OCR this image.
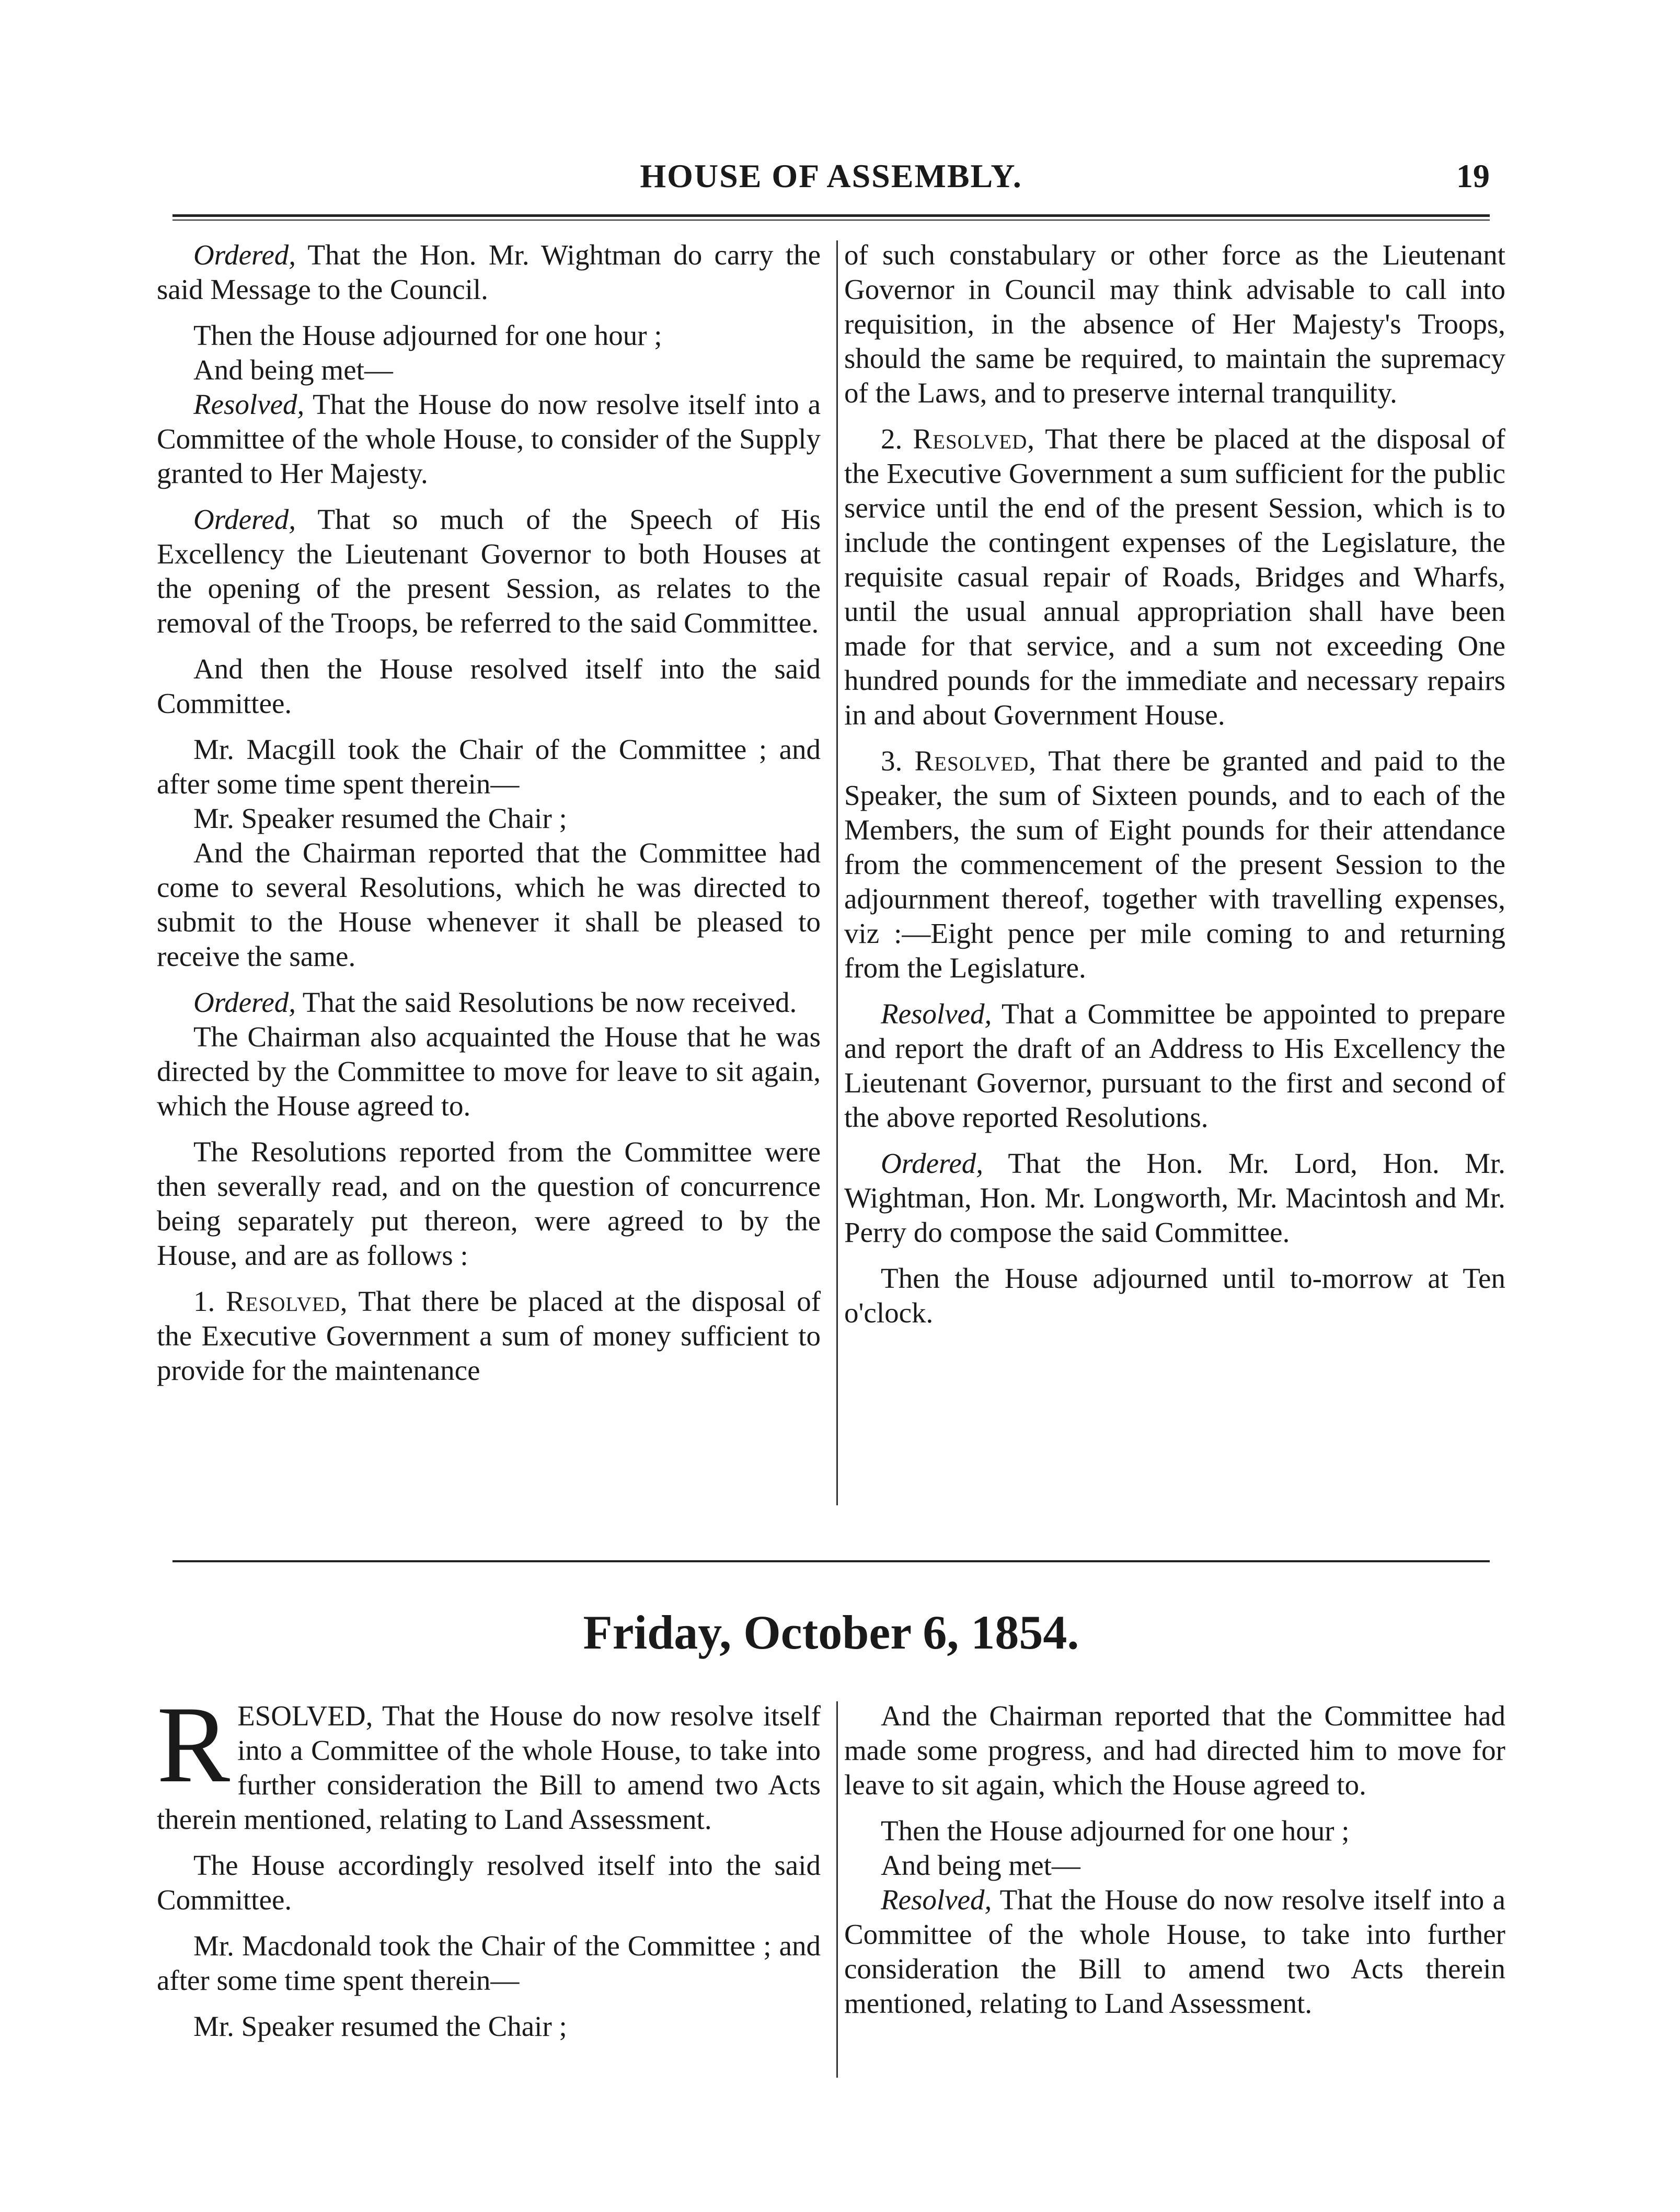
HOUSE OF ASSEMBLY.	19

Ordered, That the Hon. Mr. Wightman do carry the said Message to the Council.

Then the House adjourned for one hour ;

And being met—

Resolved, That the House do now resolve itself into a Committee of the whole House, to consider of the Supply granted to Her Majesty.

Ordered, That so much of the Speech of His Excellency the Lieutenant Governor to both Houses at the opening of the present Session, as relates to the removal of the Troops, be referred to the said Committee.

And then the House resolved itself into the said Committee.

Mr. Macgill took the Chair of the Committee ; and after some time spent therein—

Mr. Speaker resumed the Chair ;

And the Chairman reported that the Committee had come to several Resolutions, which he was directed to submit to the House whenever it shall be pleased to receive the same.

Ordered, That the said Resolutions be now received.

The Chairman also acquainted the House that he was directed by the Committee to move for leave to sit again, which the House agreed to.

The Resolutions reported from the Committee were then severally read, and on the question of concurrence being separately put thereon, were agreed to by the House, and are as follows :

1. Resolved, That there be placed at the disposal of the Executive Government a sum of money sufficient to provide for the maintenance

of such constabulary or other force as the Lieutenant Governor in Council may think advisable to call into requisition, in the absence of Her Majesty's Troops, should the same be required, to maintain the supremacy of the Laws, and to preserve internal tranquility.

2. Resolved, That there be placed at the disposal of the Executive Government a sum sufficient for the public service until the end of the present Session, which is to include the contingent expenses of the Legislature, the requisite casual repair of Roads, Bridges and Wharfs, until the usual annual appropriation shall have been made for that service, and a sum not exceeding One hundred pounds for the immediate and necessary repairs in and about Government House.

3. Resolved, That there be granted and paid to the Speaker, the sum of Sixteen pounds, and to each of the Members, the sum of Eight pounds for their attendance from the commencement of the present Session to the adjournment thereof, together with travelling expenses, viz :—Eight pence per mile coming to and returning from the Legislature.

Resolved, That a Committee be appointed to prepare and report the draft of an Address to His Excellency the Lieutenant Governor, pursuant to the first and second of the above reported Resolutions.

Ordered, That the Hon. Mr. Lord, Hon. Mr. Wightman, Hon. Mr. Longworth, Mr. Macintosh and Mr. Perry do compose the said Committee.

Then the House adjourned until to-morrow at Ten o'clock.

Friday, October 6, 1854.

RESOLVED, That the House do now resolve itself into a Committee of the whole House, to take into further consideration the Bill to amend two Acts therein mentioned, relating to Land Assessment.

The House accordingly resolved itself into the said Committee.

Mr. Macdonald took the Chair of the Committee ; and after some time spent therein—

Mr. Speaker resumed the Chair ;

And the Chairman reported that the Committee had made some progress, and had directed him to move for leave to sit again, which the House agreed to.

Then the House adjourned for one hour ;

And being met—

Resolved, That the House do now resolve itself into a Committee of the whole House, to take into further consideration the Bill to amend two Acts therein mentioned, relating to Land Assessment.
